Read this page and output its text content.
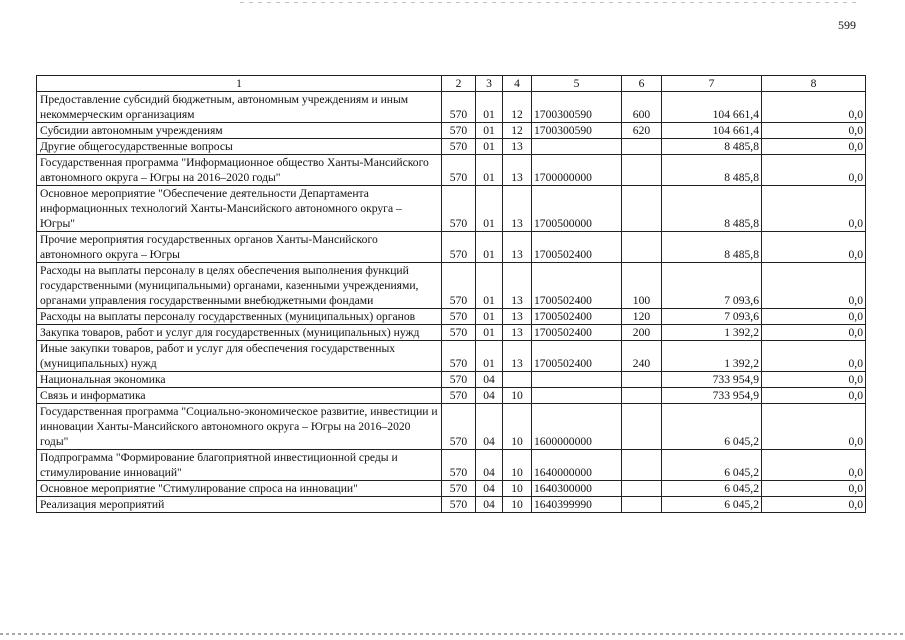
599
1	2	3	4	5	6	7	8
Предоставление субсидий бюджетным, автономным учреждениям и иным некоммерческим организациям	570	01	12	1700300590	600	104 661,4	0,0
Субсидии автономным учреждениям	570	01	12	1700300590	620	104 661,4	0,0
Другие общегосударственные вопросы	570	01	13			8 485,8	0,0
Государственная программа "Информационное общество Ханты-Мансийского автономного округа – Югры на 2016–2020 годы"	570	01	13	1700000000		8 485,8	0,0
Основное мероприятие "Обеспечение деятельности Департамента информационных технологий Ханты-Мансийского автономного округа – Югры"	570	01	13	1700500000		8 485,8	0,0
Прочие мероприятия государственных органов Ханты-Мансийского автономного округа – Югры	570	01	13	1700502400		8 485,8	0,0
Расходы на выплаты персоналу в целях обеспечения выполнения функций государственными (муниципальными) органами, казенными учреждениями, органами управления государственными внебюджетными фондами	570	01	13	1700502400	100	7 093,6	0,0
Расходы на выплаты персоналу государственных (муниципальных) органов	570	01	13	1700502400	120	7 093,6	0,0
Закупка товаров, работ и услуг для государственных (муниципальных) нужд	570	01	13	1700502400	200	1 392,2	0,0
Иные закупки товаров, работ и услуг для обеспечения государственных (муниципальных) нужд	570	01	13	1700502400	240	1 392,2	0,0
Национальная экономика	570	04				733 954,9	0,0
Связь и информатика	570	04	10			733 954,9	0,0
Государственная программа "Социально-экономическое развитие, инвестиции и инновации Ханты-Мансийского автономного округа – Югры на 2016–2020 годы"	570	04	10	1600000000		6 045,2	0,0
Подпрограмма "Формирование благоприятной инвестиционной среды и стимулирование инноваций"	570	04	10	1640000000		6 045,2	0,0
Основное мероприятие "Стимулирование спроса на инновации"	570	04	10	1640300000		6 045,2	0,0
Реализация мероприятий	570	04	10	1640399990		6 045,2	0,0
